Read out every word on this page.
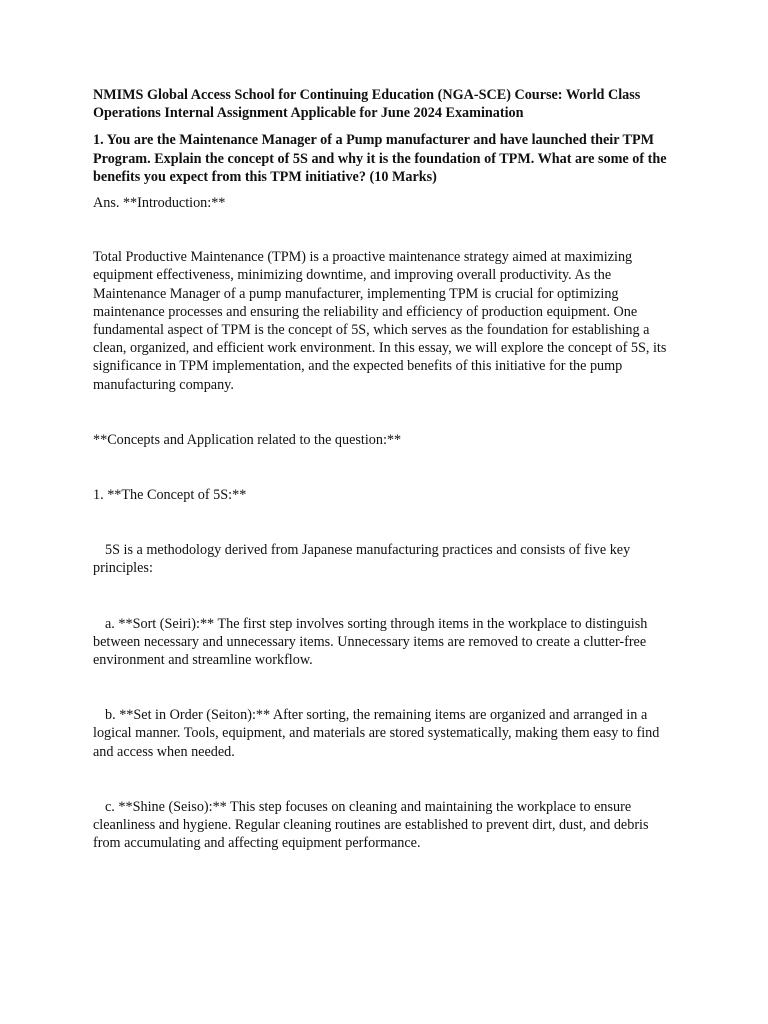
NMIMS Global Access School for Continuing Education (NGA-SCE) Course: World Class Operations Internal Assignment Applicable for June 2024 Examination

1. You are the Maintenance Manager of a Pump manufacturer and have launched their TPM Program. Explain the concept of 5S and why it is the foundation of TPM. What are some of the benefits you expect from this TPM initiative? (10 Marks)

Ans. **Introduction:**

Total Productive Maintenance (TPM) is a proactive maintenance strategy aimed at maximizing equipment effectiveness, minimizing downtime, and improving overall productivity. As the Maintenance Manager of a pump manufacturer, implementing TPM is crucial for optimizing maintenance processes and ensuring the reliability and efficiency of production equipment. One fundamental aspect of TPM is the concept of 5S, which serves as the foundation for establishing a clean, organized, and efficient work environment. In this essay, we will explore the concept of 5S, its significance in TPM implementation, and the expected benefits of this initiative for the pump manufacturing company.

**Concepts and Application related to the question:**

1. **The Concept of 5S:**

5S is a methodology derived from Japanese manufacturing practices and consists of five key principles:

a. **Sort (Seiri):** The first step involves sorting through items in the workplace to distinguish between necessary and unnecessary items. Unnecessary items are removed to create a clutter-free environment and streamline workflow.

b. **Set in Order (Seiton):** After sorting, the remaining items are organized and arranged in a logical manner. Tools, equipment, and materials are stored systematically, making them easy to find and access when needed.

c. **Shine (Seiso):** This step focuses on cleaning and maintaining the workplace to ensure cleanliness and hygiene. Regular cleaning routines are established to prevent dirt, dust, and debris from accumulating and affecting equipment performance.
